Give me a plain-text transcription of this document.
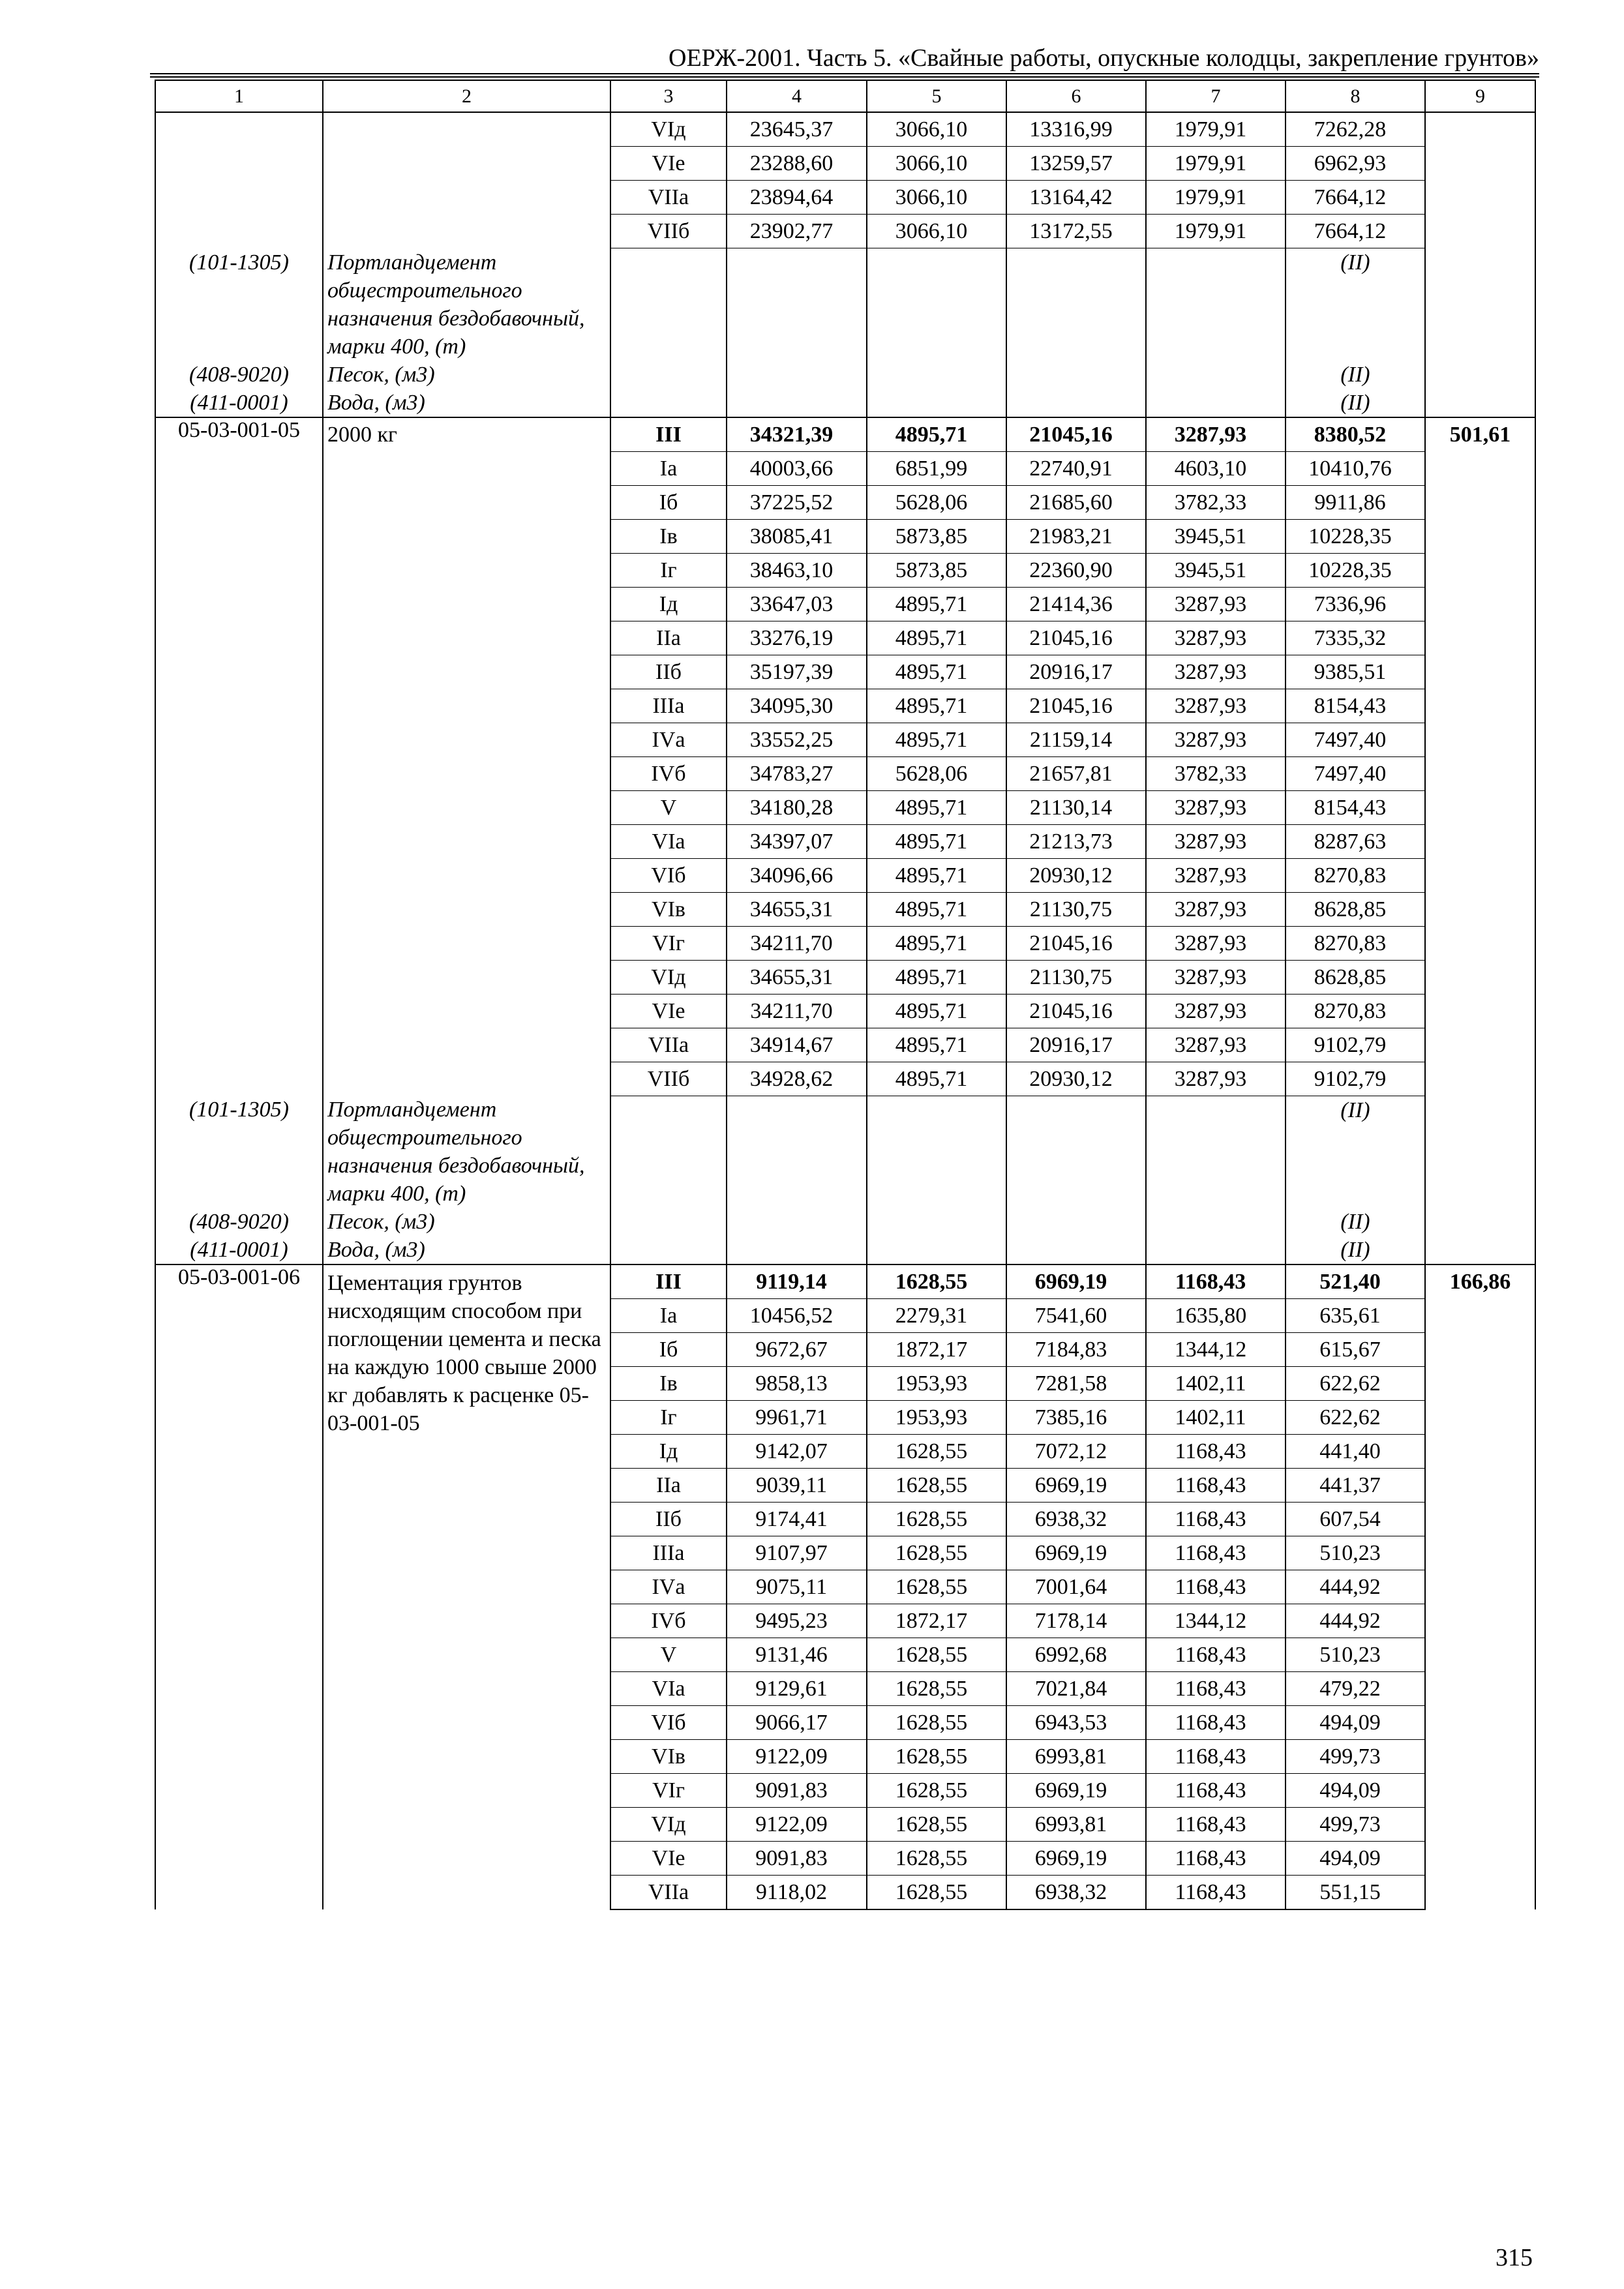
ОЕРЖ-2001. Часть 5. «Свайные работы, опускные колодцы, закрепление грунтов»
1	2	3	4	5	6	7	8	9
		VIд	23645,37	3066,10	13316,99	1979,91	7262,28	
		VIе	23288,60	3066,10	13259,57	1979,91	6962,93	
		VIIа	23894,64	3066,10	13164,42	1979,91	7664,12	
		VIIб	23902,77	3066,10	13172,55	1979,91	7664,12	
(101-1305)	Портландцемент общестроительного назначения бездобавочный, марки 400, (т)						(II)	
(408-9020)	Песок, (м3)						(II)	
(411-0001)	Вода, (м3)						(II)	
05-03-001-05	2000 кг	III	34321,39	4895,71	21045,16	3287,93	8380,52	501,61
		Iа	40003,66	6851,99	22740,91	4603,10	10410,76	
		Iб	37225,52	5628,06	21685,60	3782,33	9911,86	
		Iв	38085,41	5873,85	21983,21	3945,51	10228,35	
		Iг	38463,10	5873,85	22360,90	3945,51	10228,35	
		Iд	33647,03	4895,71	21414,36	3287,93	7336,96	
		IIа	33276,19	4895,71	21045,16	3287,93	7335,32	
		IIб	35197,39	4895,71	20916,17	3287,93	9385,51	
		IIIа	34095,30	4895,71	21045,16	3287,93	8154,43	
		IVа	33552,25	4895,71	21159,14	3287,93	7497,40	
		IVб	34783,27	5628,06	21657,81	3782,33	7497,40	
		V	34180,28	4895,71	21130,14	3287,93	8154,43	
		VIа	34397,07	4895,71	21213,73	3287,93	8287,63	
		VIб	34096,66	4895,71	20930,12	3287,93	8270,83	
		VIв	34655,31	4895,71	21130,75	3287,93	8628,85	
		VIг	34211,70	4895,71	21045,16	3287,93	8270,83	
		VIд	34655,31	4895,71	21130,75	3287,93	8628,85	
		VIе	34211,70	4895,71	21045,16	3287,93	8270,83	
		VIIа	34914,67	4895,71	20916,17	3287,93	9102,79	
		VIIб	34928,62	4895,71	20930,12	3287,93	9102,79	
(101-1305)	Портландцемент общестроительного назначения бездобавочный, марки 400, (т)						(II)	
(408-9020)	Песок, (м3)						(II)	
(411-0001)	Вода, (м3)						(II)	
05-03-001-06	Цементация грунтов нисходящим способом при поглощении цемента и песка на каждую 1000 свыше 2000 кг добавлять к расценке 05-03-001-05	III	9119,14	1628,55	6969,19	1168,43	521,40	166,86
		Iа	10456,52	2279,31	7541,60	1635,80	635,61	
		Iб	9672,67	1872,17	7184,83	1344,12	615,67	
		Iв	9858,13	1953,93	7281,58	1402,11	622,62	
		Iг	9961,71	1953,93	7385,16	1402,11	622,62	
		Iд	9142,07	1628,55	7072,12	1168,43	441,40	
		IIа	9039,11	1628,55	6969,19	1168,43	441,37	
		IIб	9174,41	1628,55	6938,32	1168,43	607,54	
		IIIа	9107,97	1628,55	6969,19	1168,43	510,23	
		IVа	9075,11	1628,55	7001,64	1168,43	444,92	
		IVб	9495,23	1872,17	7178,14	1344,12	444,92	
		V	9131,46	1628,55	6992,68	1168,43	510,23	
		VIа	9129,61	1628,55	7021,84	1168,43	479,22	
		VIб	9066,17	1628,55	6943,53	1168,43	494,09	
		VIв	9122,09	1628,55	6993,81	1168,43	499,73	
		VIг	9091,83	1628,55	6969,19	1168,43	494,09	
		VIд	9122,09	1628,55	6993,81	1168,43	499,73	
		VIе	9091,83	1628,55	6969,19	1168,43	494,09	
		VIIа	9118,02	1628,55	6938,32	1168,43	551,15	
315
